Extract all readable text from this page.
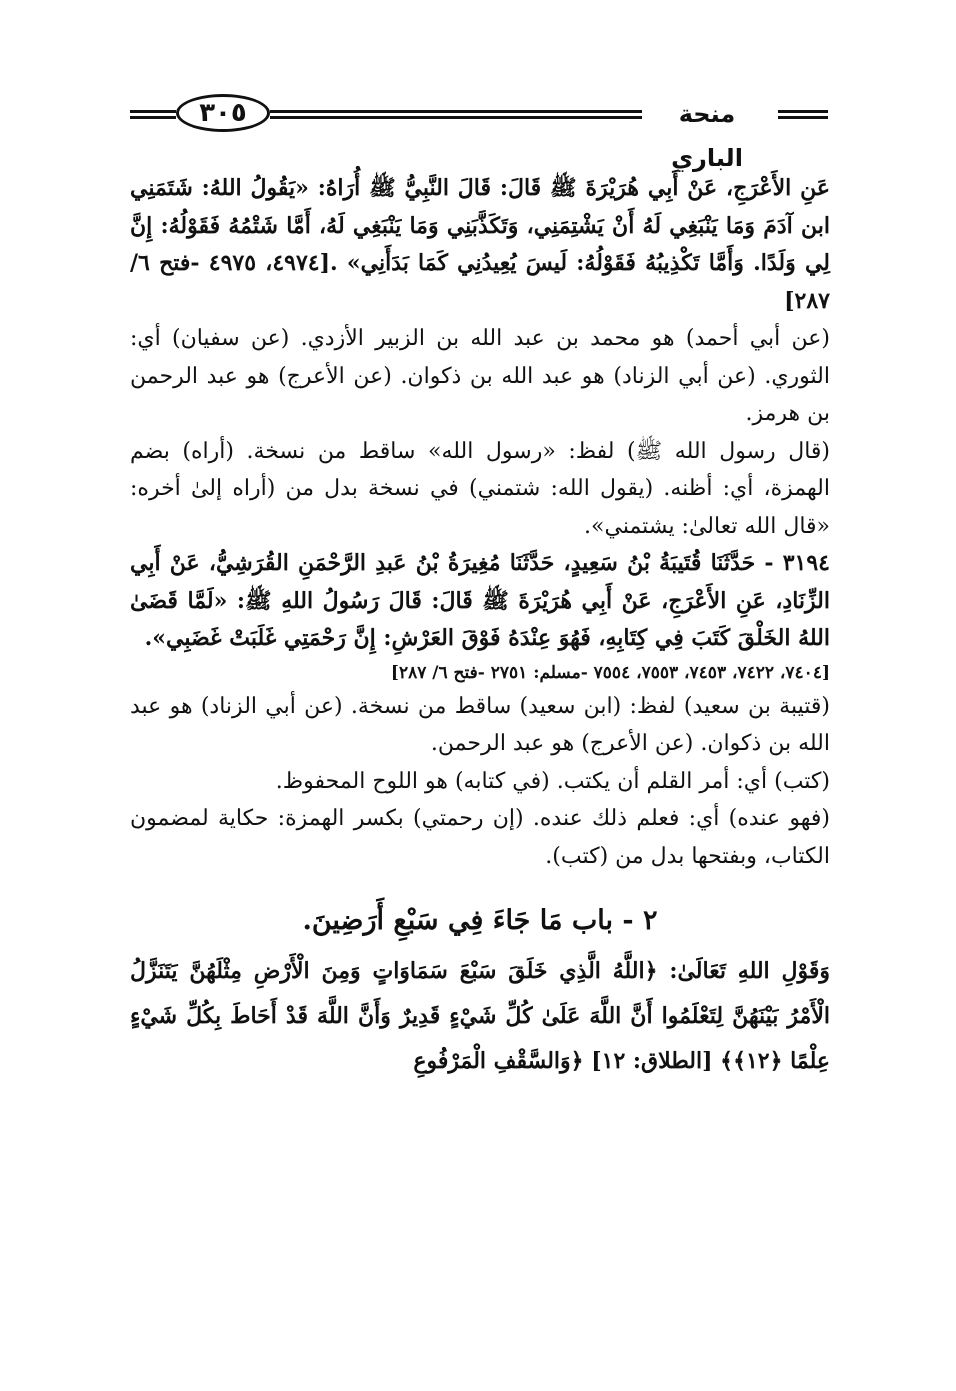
٣٠٥	منحة الباري

عَنِ الأَعْرَجِ، عَنْ أَبِي هُرَيْرَةَ ﷺ قَالَ: قَالَ النَّبِيُّ ﷺ أُرَاهُ: «يَقُولُ اللهُ: شَتَمَنِي ابن آدَمَ وَمَا يَنْبَغِي لَهُ أَنْ يَشْتِمَنِي، وَتَكَذَّبَنِي وَمَا يَنْبَغِي لَهُ، أَمَّا شَتْمُهُ فَقَوْلُهُ: إِنَّ لِي وَلَدًا. وَأَمَّا تَكْذِيبُهُ فَقَوْلُهُ: لَيسَ يُعِيدُنِي كَمَا بَدَأَنِي» .[٤٩٧٤، ٤٩٧٥ -فتح ٦/ ٢٨٧]

(عن أبي أحمد) هو محمد بن عبد الله بن الزبير الأزدي. (عن سفيان) أي: الثوري. (عن أبي الزناد) هو عبد الله بن ذكوان. (عن الأعرج) هو عبد الرحمن بن هرمز.

(قال رسول الله ﷺ) لفظ: «رسول الله» ساقط من نسخة. (أراه) بضم الهمزة، أي: أظنه. (يقول الله: شتمني) في نسخة بدل من (أراه إلىٰ أخره: «قال الله تعالىٰ: يشتمني».

٣١٩٤ - حَدَّثَنَا قُتَيبَةُ بْنُ سَعِيدٍ، حَدَّثَنَا مُغِيرَةُ بْنُ عَبدِ الرَّحْمَنِ القُرَشِيُّ، عَنْ أَبِي الزِّنَادِ، عَنِ الأَعْرَجِ، عَنْ أَبِي هُرَيْرَةَ ﷺ قَالَ: قَالَ رَسُولُ اللهِ ﷺ: «لَمَّا قَضَىٰ اللهُ الخَلْقَ كَتَبَ فِي كِتَابِهِ، فَهُوَ عِنْدَهُ فَوْقَ العَرْشِ: إِنَّ رَحْمَتِي غَلَبَتْ غَضَبِي».

[٧٤٠٤، ٧٤٢٢، ٧٤٥٣، ٧٥٥٣، ٧٥٥٤ -مسلم: ٢٧٥١ -فتح ٦/ ٢٨٧]

(قتيبة بن سعيد) لفظ: (ابن سعيد) ساقط من نسخة. (عن أبي الزناد) هو عبد الله بن ذكوان. (عن الأعرج) هو عبد الرحمن.

(كتب) أي: أمر القلم أن يكتب. (في كتابه) هو اللوح المحفوظ.

(فهو عنده) أي: فعلم ذلك عنده. (إن رحمتي) بكسر الهمزة: حكاية لمضمون الكتاب، وبفتحها بدل من (كتب).

٢ - باب مَا جَاءَ فِي سَبْعِ أَرَضِينَ.

وَقَوْلِ اللهِ تَعَالَىٰ: ﴿اللَّهُ الَّذِي خَلَقَ سَبْعَ سَمَاوَاتٍ وَمِنَ الْأَرْضِ مِثْلَهُنَّ يَتَنَزَّلُ الْأَمْرُ بَيْنَهُنَّ لِتَعْلَمُوا أَنَّ اللَّهَ عَلَىٰ كُلِّ شَيْءٍ قَدِيرٌ وَأَنَّ اللَّهَ قَدْ أَحَاطَ بِكُلِّ شَيْءٍ عِلْمًا ﴿١٢﴾﴾ [الطلاق: ١٢] ﴿وَالسَّقْفِ الْمَرْفُوعِ
